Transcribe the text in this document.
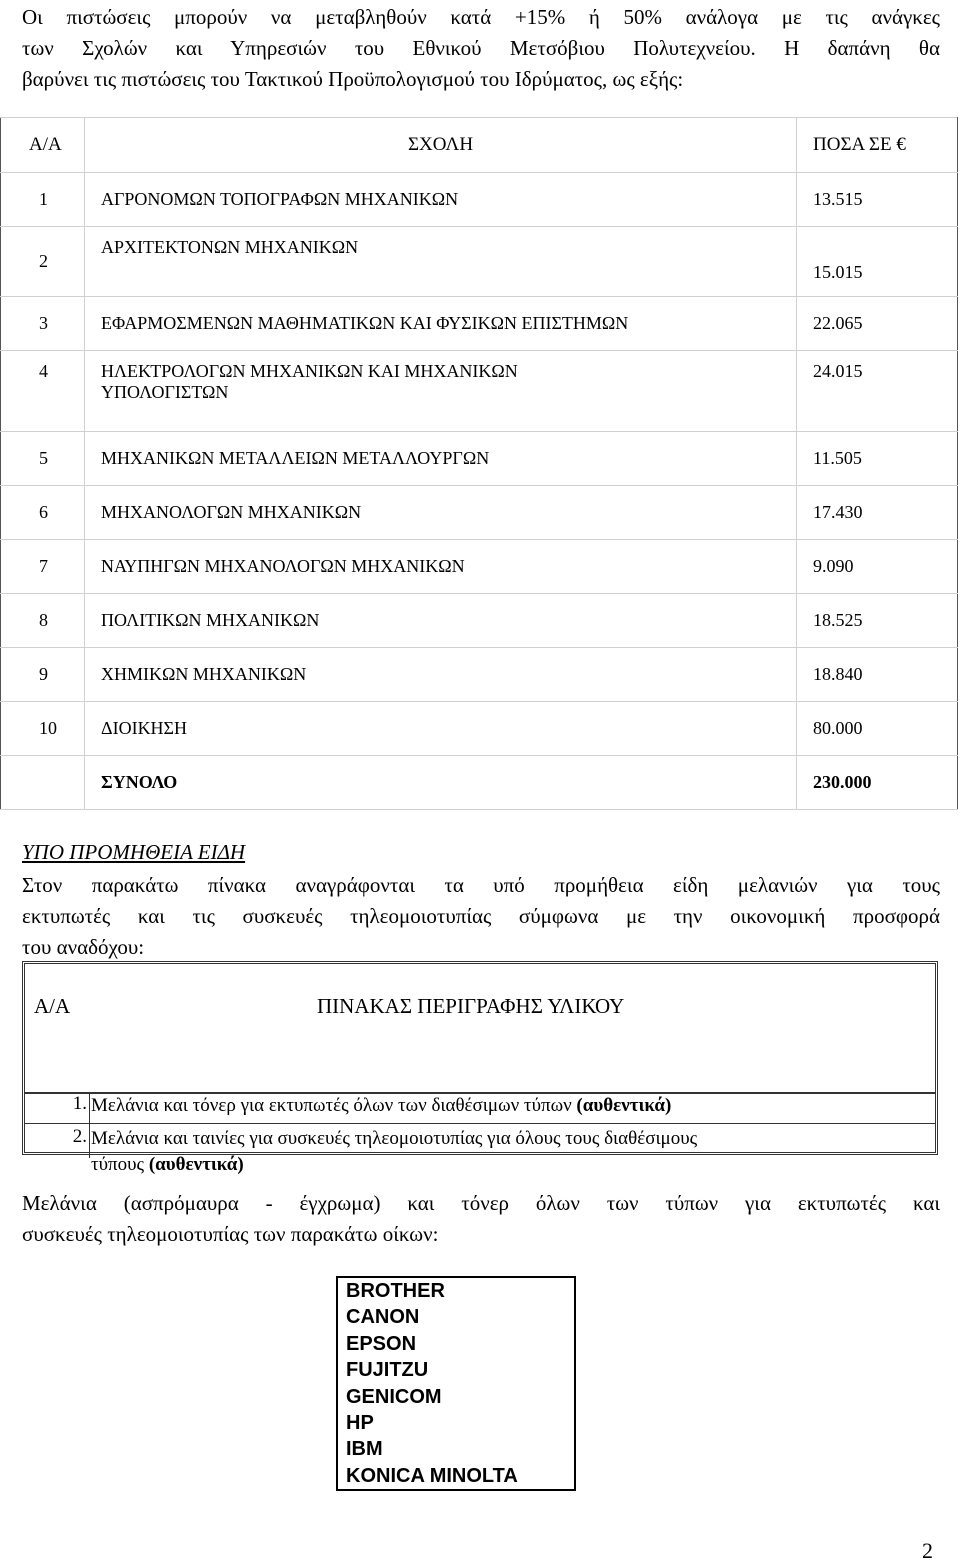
Οι πιστώσεις μπορούν να μεταβληθούν κατά +15% ή 50% ανάλογα με τις ανάγκες
των Σχολών και Υπηρεσιών του Εθνικού Μετσόβιου Πολυτεχνείου. Η δαπάνη θα
βαρύνει τις πιστώσεις του Τακτικού Προϋπολογισμού του Ιδρύματος, ως εξής:
Α/Α	ΣΧΟΛΗ	ΠΟΣΑ ΣΕ €
1	ΑΓΡΟΝΟΜΩΝ ΤΟΠΟΓΡΑΦΩΝ ΜΗΧΑΝΙΚΩΝ	13.515
2	ΑΡΧΙΤΕΚΤΟΝΩΝ ΜΗΧΑΝΙΚΩΝ	15.015
3	ΕΦΑΡΜΟΣΜΕΝΩΝ ΜΑΘΗΜΑΤΙΚΩΝ ΚΑΙ ΦΥΣΙΚΩΝ ΕΠΙΣΤΗΜΩΝ	22.065
4	ΗΛΕΚΤΡΟΛΟΓΩΝ ΜΗΧΑΝΙΚΩΝ ΚΑΙ ΜΗΧΑΝΙΚΩΝ
ΥΠΟΛΟΓΙΣΤΩΝ	24.015
5	ΜΗΧΑΝΙΚΩΝ ΜΕΤΑΛΛΕΙΩΝ ΜΕΤΑΛΛΟΥΡΓΩΝ	11.505
6	ΜΗΧΑΝΟΛΟΓΩΝ ΜΗΧΑΝΙΚΩΝ	17.430
7	ΝΑΥΠΗΓΩΝ ΜΗΧΑΝΟΛΟΓΩΝ ΜΗΧΑΝΙΚΩΝ	9.090
8	ΠΟΛΙΤΙΚΩΝ ΜΗΧΑΝΙΚΩΝ	18.525
9	ΧΗΜΙΚΩΝ ΜΗΧΑΝΙΚΩΝ	18.840
10	ΔΙΟΙΚΗΣΗ	80.000
	ΣΥΝΟΛΟ	230.000
ΥΠΟ ΠΡΟΜΗΘΕΙΑ ΕΙΔΗ
Στον παρακάτω πίνακα αναγράφονται τα υπό προμήθεια είδη μελανιών για τους
εκτυπωτές και τις συσκευές τηλεομοιοτυπίας σύμφωνα με την οικονομική προσφορά
του αναδόχου:
Α/Α	ΠΙΝΑΚΑΣ ΠΕΡΙΓΡΑΦΗΣ ΥΛΙΚΟΥ
1. Μελάνια και τόνερ για εκτυπωτές όλων των διαθέσιμων τύπων (αυθεντικά)
2. Μελάνια και ταινίες για συσκευές τηλεομοιοτυπίας για όλους τους διαθέσιμους
τύπους (αυθεντικά)
Μελάνια (ασπρόμαυρα - έγχρωμα) και τόνερ όλων των τύπων για εκτυπωτές και
συσκευές τηλεομοιοτυπίας των παρακάτω οίκων:
BROTHER
CANON
EPSON
FUJITZU
GENICOM
HP
IBM
KONICA MINOLTA
2
